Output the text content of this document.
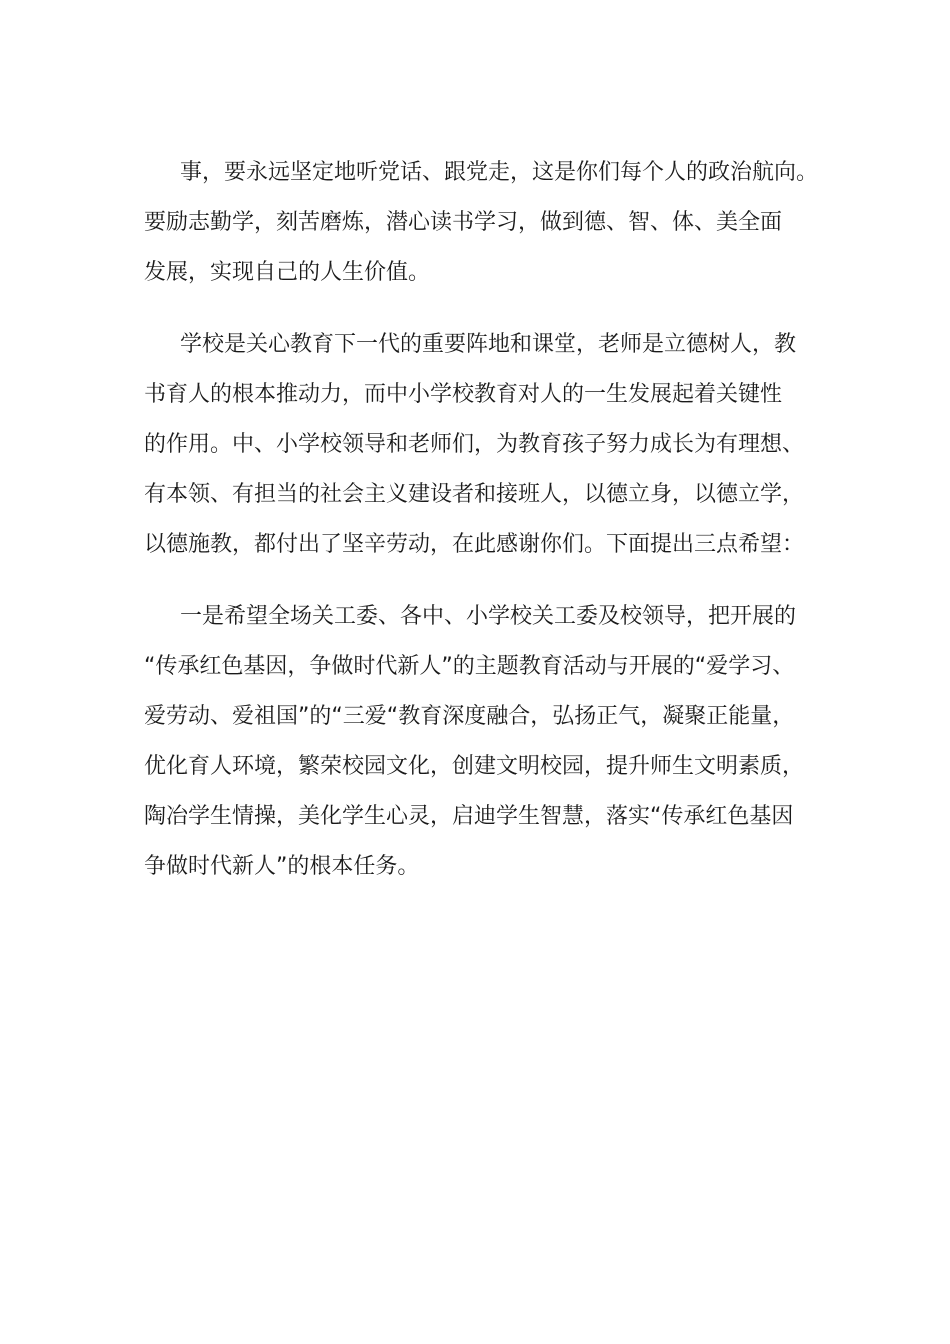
事，要永远坚定地听党话、跟党走，这是你们每个人的政治航向。
要励志勤学，刻苦磨炼，潜心读书学习，做到德、智、体、美全面
发展，实现自己的人生价值。
学校是关心教育下一代的重要阵地和课堂，老师是立德树人，教
书育人的根本推动力，而中小学校教育对人的一生发展起着关键性
的作用。中、小学校领导和老师们，为教育孩子努力成长为有理想、
有本领、有担当的社会主义建设者和接班人，以德立身，以德立学，
以德施教，都付出了坚辛劳动，在此感谢你们。下面提出三点希望：
一是希望全场关工委、各中、小学校关工委及校领导，把开展的
“传承红色基因，争做时代新人”的主题教育活动与开展的“爱学习、
爱劳动、爱祖国”的“三爱“教育深度融合，弘扬正气，凝聚正能量，
优化育人环境，繁荣校园文化，创建文明校园，提升师生文明素质，
陶冶学生情操，美化学生心灵，启迪学生智慧，落实“传承红色基因
争做时代新人”的根本任务。
